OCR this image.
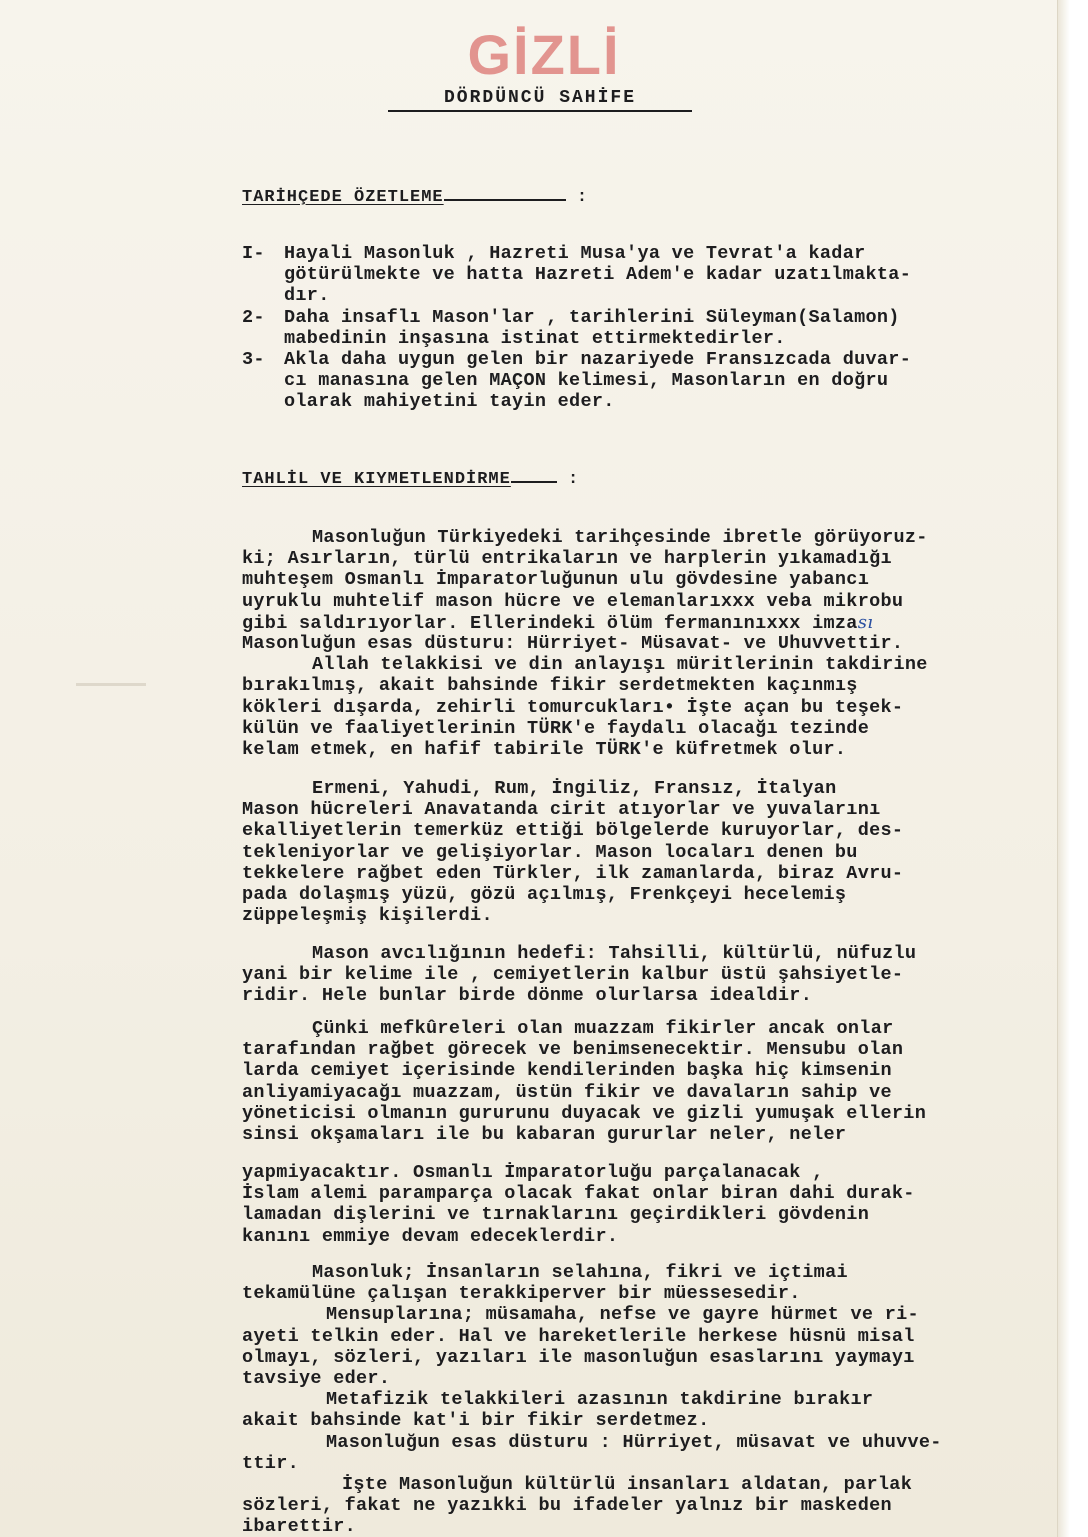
GİZLİ
DÖRDÜNCÜ SAHİFE
TARİHÇEDE ÖZETLEME	:
I- Hayali Masonluk , Hazreti Musa'ya ve Tevrat'a kadar
götürülmekte ve hatta Hazreti Adem'e kadar uzatılmakta-
dır.
2- Daha insaflı Mason'lar , tarihlerini Süleyman(Salamon)
mabedinin inşasına istinat ettirmektedirler.
3- Akla daha uygun gelen bir nazariyede Fransızcada duvar-
cı manasına gelen MAÇON kelimesi, Masonların en doğru
olarak mahiyetini tayin eder.
TAHLİL VE KIYMETLENDİRME	:
Masonluğun Türkiyedeki tarihçesinde ibretle görüyoruz-
ki; Asırların, türlü entrikaların ve harplerin yıkamadığı
muhteşem Osmanlı İmparatorluğunun ulu gövdesine yabancı
uyruklu muhtelif mason hücre ve elemanlarıxxx veba mikrobu
gibi saldırıyorlar. Ellerindeki ölüm fermanınıxxx imzası
Masonluğun esas düsturu: Hürriyet- Müsavat- ve Uhuvvettir.
Allah telakkisi ve din anlayışı müritlerinin takdirine
bırakılmış, akait bahsinde fikir serdetmekten kaçınmış
kökleri dışarda, zehirli tomurcukları• İşte açan bu teşek-
külün ve faaliyetlerinin TÜRK'e faydalı olacağı tezinde
kelam etmek, en hafif tabirile TÜRK'e küfretmek olur.
Ermeni, Yahudi, Rum, İngiliz, Fransız, İtalyan
Mason hücreleri Anavatanda cirit atıyorlar ve yuvalarını
ekalliyetlerin temerküz ettiği bölgelerde kuruyorlar, des-
tekleniyorlar ve gelişiyorlar. Mason locaları denen bu
tekkelere rağbet eden Türkler, ilk zamanlarda, biraz Avru-
pada dolaşmış yüzü, gözü açılmış, Frenkçeyi hecelemiş
züppeleşmiş kişilerdi.
Mason avcılığının hedefi: Tahsilli, kültürlü, nüfuzlu
yani bir kelime ile , cemiyetlerin kalbur üstü şahsiyetle-
ridir. Hele bunlar birde dönme olurlarsa idealdir.
Çünki mefkûreleri olan muazzam fikirler ancak onlar
tarafından rağbet görecek ve benimsenecektir. Mensubu olan
larda cemiyet içerisinde kendilerinden başka hiç kimsenin
anliyamiyacağı muazzam, üstün fikir ve davaların sahip ve
yöneticisi olmanın gururunu duyacak ve gizli yumuşak ellerin
sinsi okşamaları ile bu kabaran gururlar neler, neler
yapmiyacaktır. Osmanlı İmparatorluğu parçalanacak ,
İslam alemi paramparça olacak fakat onlar biran dahi durak-
lamadan dişlerini ve tırnaklarını geçirdikleri gövdenin
kanını emmiye devam edeceklerdir.
Masonluk; İnsanların selahına, fikri ve içtimai
tekamülüne çalışan terakkiperver bir müessesedir.
Mensuplarına; müsamaha, nefse ve gayre hürmet ve ri-
ayeti telkin eder. Hal ve hareketlerile herkese hüsnü misal
olmayı, sözleri, yazıları ile masonluğun esaslarını yaymayı
tavsiye eder.
Metafizik telakkileri azasının takdirine bırakır
akait bahsinde kat'i bir fikir serdetmez.
Masonluğun esas düsturu : Hürriyet, müsavat ve uhuvve-
ttir.
İşte Masonluğun kültürlü insanları aldatan, parlak
sözleri, fakat ne yazıkki bu ifadeler yalnız bir maskeden
ibarettir.
